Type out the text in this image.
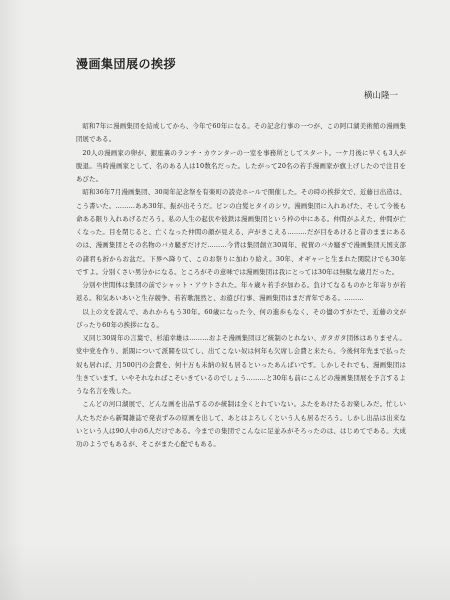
漫画集団展の挨拶
横山隆一

昭和7年に漫画集団を結成してから、今年で60年になる。その記念行事の一つが、この阿口湖美術館の漫画集団展である。

20人の漫画家の卵が、銀座裏のランチ・カウンターの一室を事務所としてスタート。一ケ月後に早くも3人が脱退。当時漫画家として、名のある人は10数名だった。したがって20名の若手漫画家が旗上げしたので注目をあびた。

昭和36年7月漫画集団、30周年記念祭を有楽町の読売ホールで開催した。その時の挨拶文で、近藤日出造は、こう書いた。………ああ30年、振が出そうだ。ピンの白髪ヒタイのシワ。漫画集団に入れあげた、そして今後も命ある限り入れあげるだろう。私の人生の起伏や彼鉄は漫画集団という枠の中にある。仲間がふえた、仲間が亡くなった。目を閉じると、亡くなった仲間の顔が見える、声がきこえる………だが目をあけると昔のままにあるのは、漫画集団とその名物のバカ騒ぎだけだ………今背は集団創立30周年、祝賀のバカ騒ぎで漫画集団天国支部の諸君も折からお盆だ。下界へ降りて、このお祭りに加わり給え。30年、オギャーと生まれた関院けでも30年ですよ。分別くさい男分かになる。ところがその意味では漫画集団は我にとっては30年は無駄な歳月だった。

分別や世間体は集団の前でシャット・アウトされた。年々歳々若手が加わる。負けてなるものかと年寄りが若返る。和気あいあいと生存競争、若若歌混然と、お遊び行事、漫画集団はまだ青年である。………

以上の文を読んで、あれからもう30年。60歳になった今、何の進歩もなく、その儘のすがたで、近藤の文がぴったり60年の挨拶になる。

又同じ30周年の言葉で、杉浦幸雄は………およそ漫画集団ほど統制のとれない、ガタガタ団体はありません。党中党を作り、派閥について派閥を以てし、出てこない奴は何年も欠席し会費と来たら、今後何年先まで払った奴も居れば、月500円の会費を、何十万も未納の奴も居るといったあんばいです。しかしそれでも、漫画集団は生きています。いやそれなればこそいきているのでしょう………と30年も前にこんどの漫画集団展を予言するような名言を残した。

こんどの河口湖展で、どんな画を出品するのか統制は全くとれていない。ふたをあけたるお楽しみだ。忙しい人たちだから新聞雑誌で発表ずみの原画を出して、あとはよろしくという人も居るだろう。しかし出品は出来ないという人は90人中の6人だけである。今までの集団でこんなに足並みがそろったのは、はじめてである。大成功のようでもあるが、そこがまた心配でもある。
